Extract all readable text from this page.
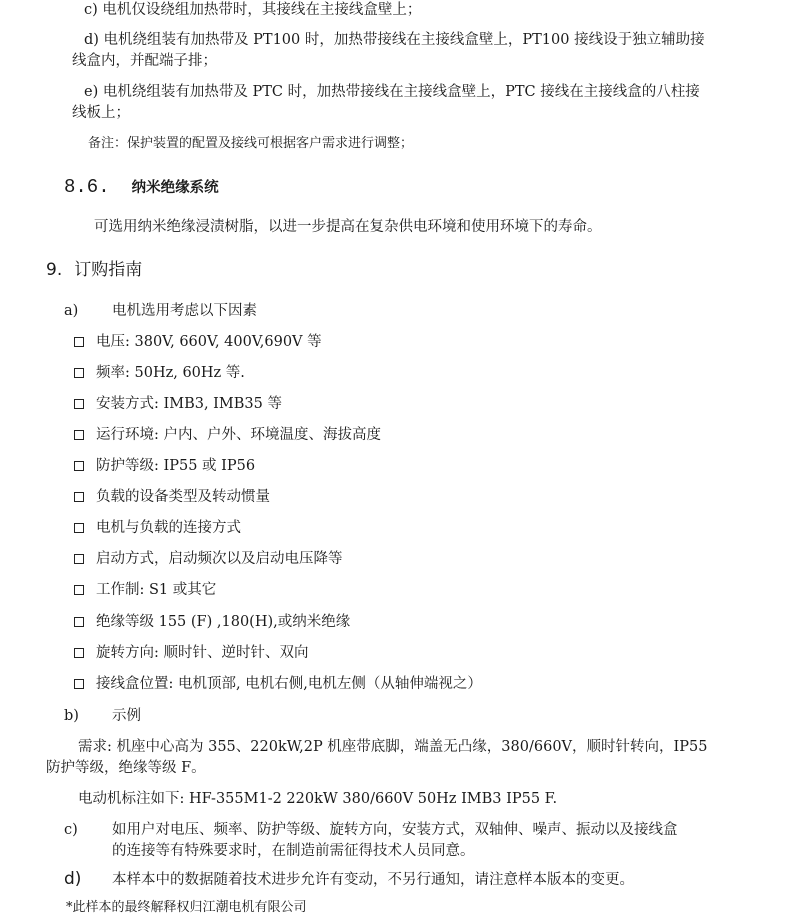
c) 电机仅设绕组加热带时，其接线在主接线盒壁上；
d) 电机绕组装有加热带及 PT100 时，加热带接线在主接线盒壁上，PT100 接线设于独立辅助接
线盒内，并配端子排；
e) 电机绕组装有加热带及 PTC 时，加热带接线在主接线盒壁上，PTC 接线在主接线盒的八柱接
线板上；
备注：保护装置的配置及接线可根据客户需求进行调整；
8.6. 纳米绝缘系统
可选用纳米绝缘浸渍树脂，以进一步提高在复杂供电环境和使用环境下的寿命。
9. 订购指南
a) 电机选用考虑以下因素
电压: 380V, 660V, 400V,690V 等
频率: 50Hz, 60Hz 等.
安装方式: IMB3, IMB35 等
运行环境: 户内、户外、环境温度、海拔高度
防护等级: IP55 或 IP56
负载的设备类型及转动惯量
电机与负载的连接方式
启动方式，启动频次以及启动电压降等
工作制: S1 或其它
绝缘等级 155 (F) ,180(H),或纳米绝缘
旋转方向: 顺时针、逆时针、双向
接线盒位置: 电机顶部, 电机右侧,电机左侧（从轴伸端视之）
b) 示例
需求: 机座中心高为 355、220kW,2P 机座带底脚，端盖无凸缘，380/660V，顺时针转向，IP55
防护等级，绝缘等级 F。
电动机标注如下: HF-355M1-2 220kW 380/660V 50Hz IMB3 IP55 F.
c) 如用户对电压、频率、防护等级、旋转方向，安装方式，双轴伸、噪声、振动以及接线盒
的连接等有特殊要求时，在制造前需征得技术人员同意。
d) 本样本中的数据随着技术进步允许有变动，不另行通知，请注意样本版本的变更。
*此样本的最终解释权归江潮电机有限公司
